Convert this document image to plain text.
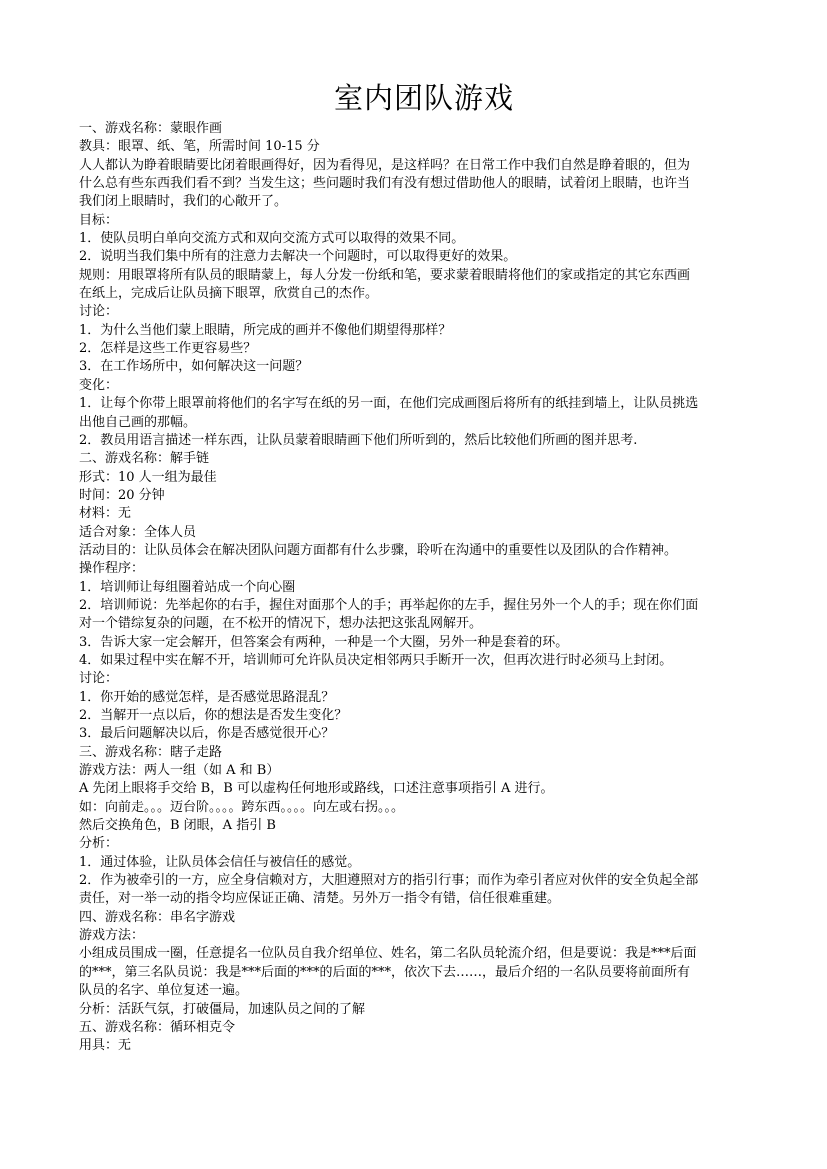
室内团队游戏

一、游戏名称：蒙眼作画

教具：眼罩、纸、笔，所需时间 10-15 分

人人都认为睁着眼睛要比闭着眼画得好，因为看得见，是这样吗？在日常工作中我们自然是睁着眼的，但为

什么总有些东西我们看不到？当发生这；些问题时我们有没有想过借助他人的眼睛，试着闭上眼睛，也许当

我们闭上眼睛时，我们的心敞开了。

目标：

1．使队员明白单向交流方式和双向交流方式可以取得的效果不同。

2．说明当我们集中所有的注意力去解决一个问题时，可以取得更好的效果。

规则：用眼罩将所有队员的眼睛蒙上，每人分发一份纸和笔，要求蒙着眼睛将他们的家或指定的其它东西画

在纸上，完成后让队员摘下眼罩，欣赏自己的杰作。

讨论：

1．为什么当他们蒙上眼睛，所完成的画并不像他们期望得那样？

2．怎样是这些工作更容易些？

3．在工作场所中，如何解决这一问题？

变化：

1．让每个你带上眼罩前将他们的名字写在纸的另一面，在他们完成画图后将所有的纸挂到墙上，让队员挑选

出他自己画的那幅。

2．教员用语言描述一样东西，让队员蒙着眼睛画下他们所听到的，然后比较他们所画的图并思考.

二、游戏名称：解手链

形式：10 人一组为最佳

时间：20 分钟

材料：无

适合对象：全体人员

活动目的：让队员体会在解决团队问题方面都有什么步骤，聆听在沟通中的重要性以及团队的合作精神。

操作程序：

1．培训师让每组圈着站成一个向心圈

2．培训师说：先举起你的右手，握住对面那个人的手；再举起你的左手，握住另外一个人的手；现在你们面

对一个错综复杂的问题，在不松开的情况下，想办法把这张乱网解开。

3．告诉大家一定会解开，但答案会有两种，一种是一个大圈，另外一种是套着的环。

4．如果过程中实在解不开，培训师可允许队员决定相邻两只手断开一次，但再次进行时必须马上封闭。

讨论：

1．你开始的感觉怎样，是否感觉思路混乱？

2．当解开一点以后，你的想法是否发生变化？

3．最后问题解决以后，你是否感觉很开心？

三、游戏名称：瞎子走路

游戏方法：两人一组（如 A 和 B）

A 先闭上眼将手交给 B，B 可以虚构任何地形或路线，口述注意事项指引 A 进行。

如：向前走。。。迈台阶。。。。跨东西。。。。向左或右拐。。。

然后交换角色，B 闭眼，A 指引 B

分析：

1．通过体验，让队员体会信任与被信任的感觉。

2．作为被牵引的一方，应全身信赖对方，大胆遵照对方的指引行事；而作为牵引者应对伙伴的安全负起全部

责任，对一举一动的指令均应保证正确、清楚。另外万一指令有错，信任很难重建。

四、游戏名称：串名字游戏

游戏方法：

小组成员围成一圈，任意提名一位队员自我介绍单位、姓名，第二名队员轮流介绍，但是要说：我是***后面

的***，第三名队员说：我是***后面的***的后面的***，依次下去……，最后介绍的一名队员要将前面所有

队员的名字、单位复述一遍。

分析：活跃气氛，打破僵局，加速队员之间的了解

五、游戏名称：循环相克令

用具：无
